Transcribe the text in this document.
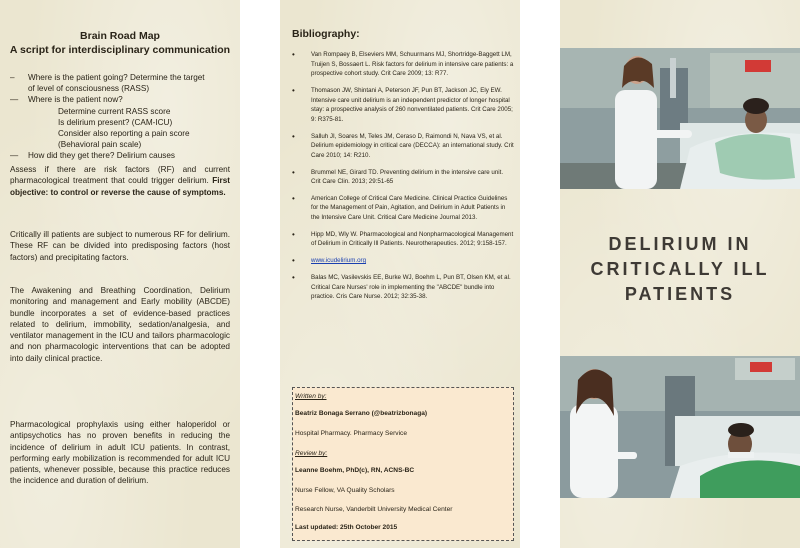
Brain Road Map
A script for interdisciplinary communication
–	Where is the patient going? Determine the target
of level of consciousness (RASS)
—	Where is the patient now?
Determine current RASS score
Is delirium present? (CAM-ICU)
Consider also reporting a pain score
(Behavioral pain scale)
—	How did they get there? Delirium causes
Assess if there are risk factors (RF) and current pharmacological treatment that could trigger delirium. First objective: to control or reverse the cause of symptoms.
Critically ill patients are subject to numerous RF for delirium. These RF can be divided into predisposing factors (host factors) and precipitating factors.
The Awakening and Breathing Coordination, Delirium monitoring and management and Early mobility (ABCDE) bundle incorporates a set of evidence-based practices related to delirium, immobility, sedation/analgesia, and ventilator management in the ICU and tailors pharmacologic and non pharmacologic interventions that can be adopted into daily clinical practice.
Pharmacological prophylaxis using either haloperidol or antipsychotics has no proven benefits in reducing the incidence of delirium in adult ICU patients. In contrast, performing early mobilization is recommended for adult ICU patients, whenever possible, because this practice reduces the incidence and duration of delirium.
Bibliography:
•	Van Rompaey B, Elseviers MM, Schuurmans MJ, Shortridge-Baggett LM, Truijen S, Bossaert L. Risk factors for delirium in intensive care patients: a prospective cohort study. Crit Care 2009; 13: R77.
•	Thomason JW, Shintani A, Peterson JF, Pun BT, Jackson JC, Ely EW. Intensive care unit delirium is an independent predictor of longer hospital stay: a prospective analysis of 260 nonventilated patients. Crit Care 2005; 9: R375-81.
•	Salluh JI, Soares M, Teles JM, Ceraso D, Raimondi N, Nava VS, et al. Delirium epidemiology in critical care (DECCA): an international study. Crit Care 2010; 14: R210.
•	Brummel NE, Girard TD. Preventing delirium in the intensive care unit. Crit Care Clin. 2013; 29:51-65
•	American College of Critical Care Medicine. Clinical Practice Guidelines for the Management of Pain, Agitation, and Delirium in Adult Patients in the Intensive Care Unit. Critical Care Medicine Journal 2013.
•	Hipp MD, Wly W. Pharmacological and Nonpharmacological Management of Delirium in Critically Ill Patients. Neurotherapeutics. 2012; 9:158-157.
•	www.icudelirium.org
•	Balas MC, Vasilevskis EE, Burke WJ, Boehm L, Pun BT, Olsen KM, et al. Critical Care Nurses' role in implementing the "ABCDE" bundle into practice. Cris Care Nurse. 2012; 32:35-38.
Written by:
Beatriz Bonaga Serrano (@beatrizbonaga)
Hospital Pharmacy. Pharmacy Service
Review by:
Leanne Boehm, PhD(c), RN, ACNS-BC
Nurse Fellow, VA Quality Scholars
Research Nurse, Vanderbilt University Medical Center
Last updated: 25th October 2015
DELIRIUM IN
CRITICALLY ILL
PATIENTS
